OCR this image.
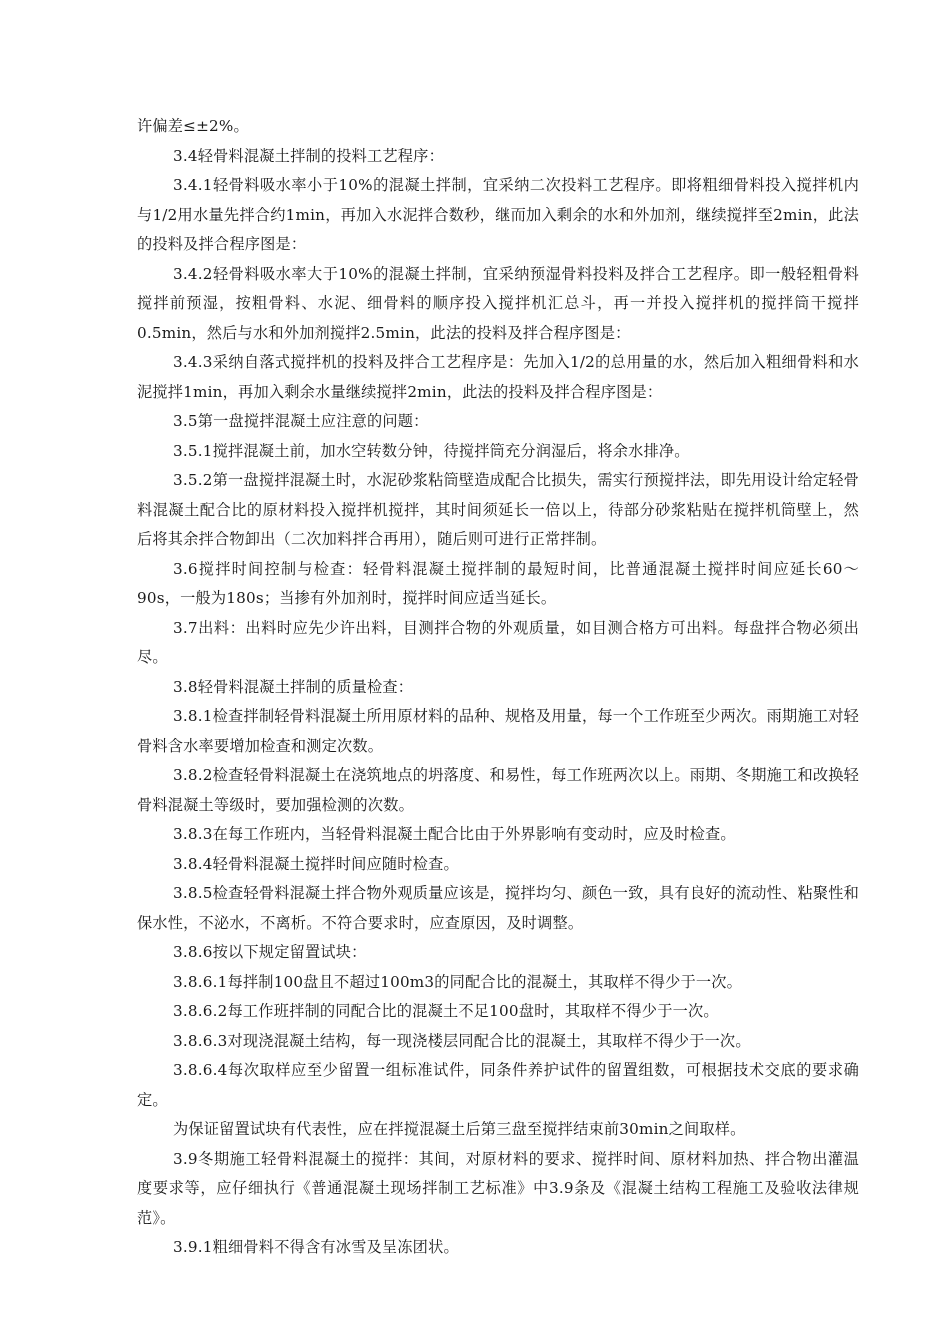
许偏差≤±2%。

3.4轻骨料混凝土拌制的投料工艺程序：

3.4.1轻骨料吸水率小于10%的混凝土拌制，宜采纳二次投料工艺程序。即将粗细骨料投入搅拌机内与1/2用水量先拌合约1min，再加入水泥拌合数秒，继而加入剩余的水和外加剂，继续搅拌至2min，此法的投料及拌合程序图是：

3.4.2轻骨料吸水率大于10%的混凝土拌制，宜采纳预湿骨料投料及拌合工艺程序。即一般轻粗骨料搅拌前预湿，按粗骨料、水泥、细骨料的顺序投入搅拌机汇总斗，再一并投入搅拌机的搅拌筒干搅拌0.5min，然后与水和外加剂搅拌2.5min，此法的投料及拌合程序图是：

3.4.3采纳自落式搅拌机的投料及拌合工艺程序是：先加入1/2的总用量的水，然后加入粗细骨料和水泥搅拌1min，再加入剩余水量继续搅拌2min，此法的投料及拌合程序图是：

3.5第一盘搅拌混凝土应注意的问题：

3.5.1搅拌混凝土前，加水空转数分钟，待搅拌筒充分润湿后，将余水排净。

3.5.2第一盘搅拌混凝土时，水泥砂浆粘筒壁造成配合比损失，需实行预搅拌法，即先用设计给定轻骨料混凝土配合比的原材料投入搅拌机搅拌，其时间须延长一倍以上，待部分砂浆粘贴在搅拌机筒壁上，然后将其余拌合物卸出（二次加料拌合再用），随后则可进行正常拌制。

3.6搅拌时间控制与检查：轻骨料混凝土搅拌制的最短时间，比普通混凝土搅拌时间应延长60～90s，一般为180s；当掺有外加剂时，搅拌时间应适当延长。

3.7出料：出料时应先少许出料，目测拌合物的外观质量，如目测合格方可出料。每盘拌合物必须出尽。

3.8轻骨料混凝土拌制的质量检查：

3.8.1检查拌制轻骨料混凝土所用原材料的品种、规格及用量，每一个工作班至少两次。雨期施工对轻骨料含水率要增加检查和测定次数。

3.8.2检查轻骨料混凝土在浇筑地点的坍落度、和易性，每工作班两次以上。雨期、冬期施工和改换轻骨料混凝土等级时，要加强检测的次数。

3.8.3在每工作班内，当轻骨料混凝土配合比由于外界影响有变动时，应及时检查。

3.8.4轻骨料混凝土搅拌时间应随时检查。

3.8.5检查轻骨料混凝土拌合物外观质量应该是，搅拌均匀、颜色一致，具有良好的流动性、粘聚性和保水性，不泌水，不离析。不符合要求时，应查原因，及时调整。

3.8.6按以下规定留置试块：

3.8.6.1每拌制100盘且不超过100m3的同配合比的混凝土，其取样不得少于一次。

3.8.6.2每工作班拌制的同配合比的混凝土不足100盘时，其取样不得少于一次。

3.8.6.3对现浇混凝土结构，每一现浇楼层同配合比的混凝土，其取样不得少于一次。

3.8.6.4每次取样应至少留置一组标准试件，同条件养护试件的留置组数，可根据技术交底的要求确定。

为保证留置试块有代表性，应在拌搅混凝土后第三盘至搅拌结束前30min之间取样。

3.9冬期施工轻骨料混凝土的搅拌：其间，对原材料的要求、搅拌时间、原材料加热、拌合物出灌温度要求等，应仔细执行《普通混凝土现场拌制工艺标准》中3.9条及《混凝土结构工程施工及验收法律规范》。

3.9.1粗细骨料不得含有冰雪及呈冻团状。
